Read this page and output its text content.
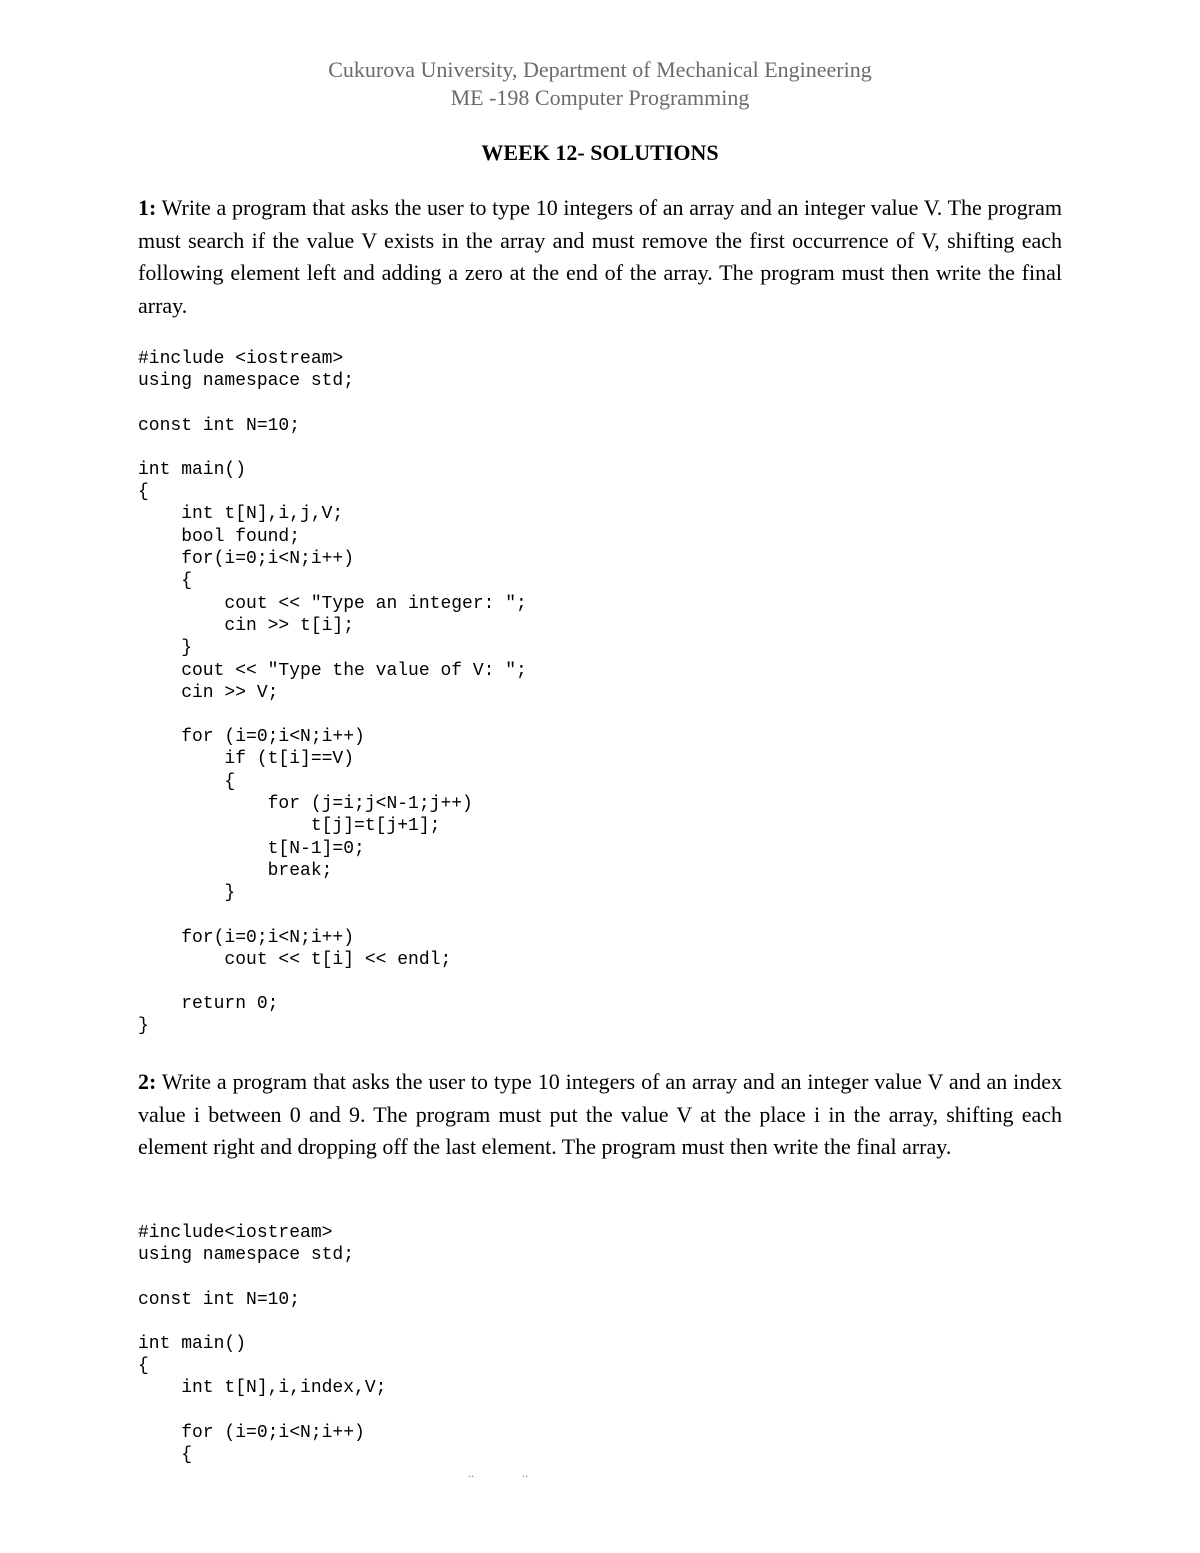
Cukurova University, Department of Mechanical Engineering
ME -198 Computer Programming
WEEK 12- SOLUTIONS
1: Write a program that asks the user to type 10 integers of an array and an integer value V. The program must search if the value V exists in the array and must remove the first occurrence of V, shifting each following element left and adding a zero at the end of the array. The program must then write the final array.
#include <iostream>
using namespace std;
const int N=10;
int main()
{
int t[N],i,j,V;
bool found;
for(i=0;i<N;i++)
{
cout << "Type an integer: ";
cin >> t[i];
}
cout << "Type the value of V: ";
cin >> V;
for (i=0;i<N;i++)
if (t[i]==V)
{
for (j=i;j<N-1;j++)
t[j]=t[j+1];
t[N-1]=0;
break;
}
for(i=0;i<N;i++)
cout << t[i] << endl;
return 0;
}
2: Write a program that asks the user to type 10 integers of an array and an integer value V and an index value i between 0 and 9. The program must put the value V at the place i in the array, shifting each element right and dropping off the last element. The program must then write the final array.
#include<iostream>
using namespace std;
const int N=10;
int main()
{
int t[N],i,index,V;
for (i=0;i<N;i++)
{
..	..
